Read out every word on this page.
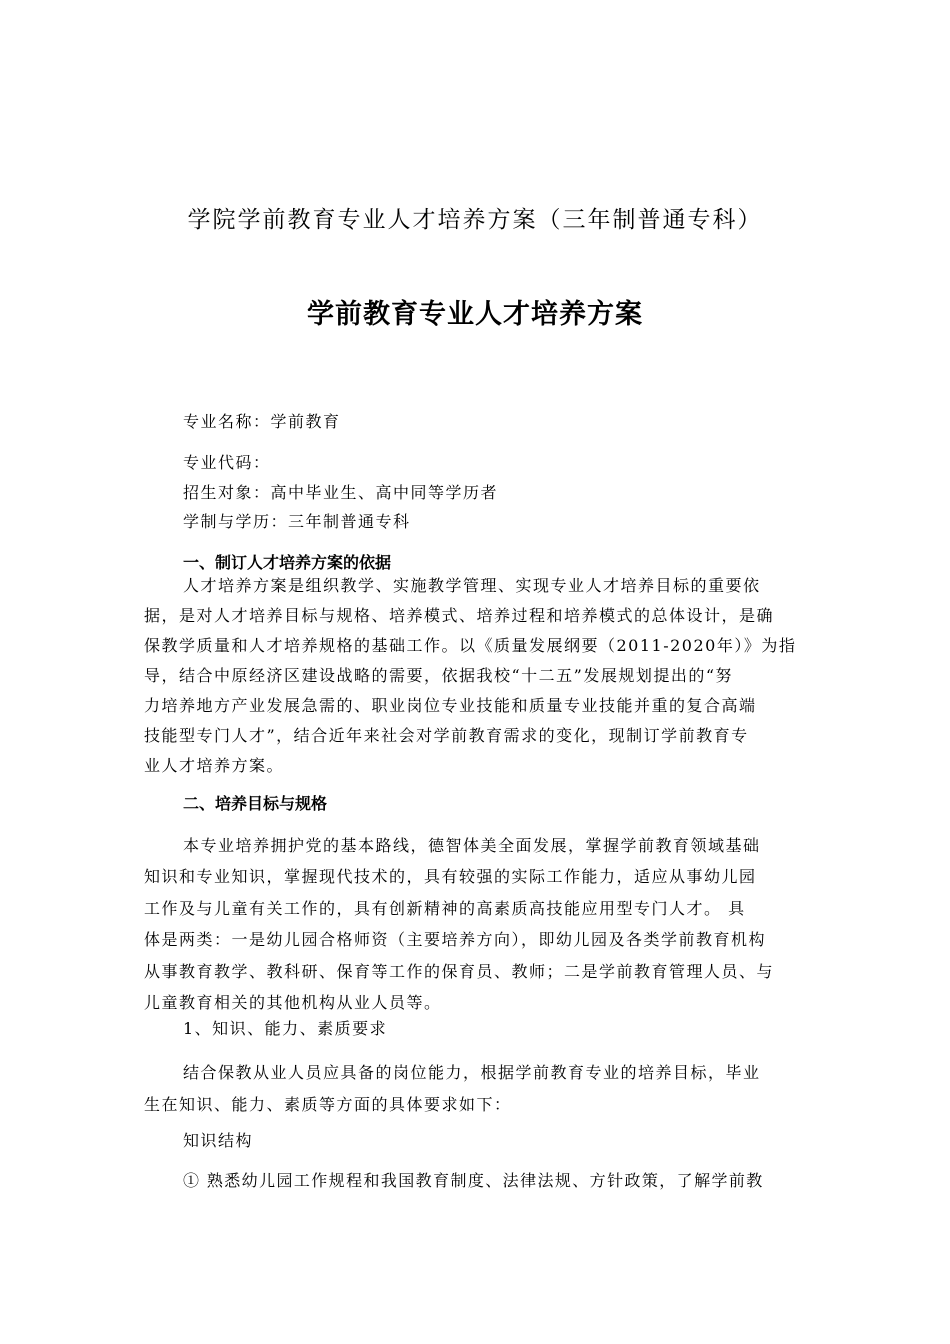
学院学前教育专业人才培养方案（三年制普通专科）
学前教育专业人才培养方案
专业名称：学前教育
专业代码：
招生对象：高中毕业生、高中同等学历者
学制与学历：三年制普通专科
一、制订人才培养方案的依据
人才培养方案是组织教学、实施教学管理、实现专业人才培养目标的重要依
据，是对人才培养目标与规格、培养模式、培养过程和培养模式的总体设计，是确
保教学质量和人才培养规格的基础工作。以《质量发展纲要（2011-2020年）》为指
导，结合中原经济区建设战略的需要，依据我校“十二五”发展规划提出的“努
力培养地方产业发展急需的、职业岗位专业技能和质量专业技能并重的复合高端
技能型专门人才”，结合近年来社会对学前教育需求的变化，现制订学前教育专
业人才培养方案。
二、培养目标与规格
本专业培养拥护党的基本路线，德智体美全面发展，掌握学前教育领域基础
知识和专业知识，掌握现代技术的，具有较强的实际工作能力，适应从事幼儿园
工作及与儿童有关工作的，具有创新精神的高素质高技能应用型专门人才。 具
体是两类：一是幼儿园合格师资（主要培养方向），即幼儿园及各类学前教育机构
从事教育教学、教科研、保育等工作的保育员、教师；二是学前教育管理人员、与
儿童教育相关的其他机构从业人员等。
1、知识、能力、素质要求
结合保教从业人员应具备的岗位能力，根据学前教育专业的培养目标，毕业
生在知识、能力、素质等方面的具体要求如下：
知识结构
① 熟悉幼儿园工作规程和我国教育制度、法律法规、方针政策，了解学前教
